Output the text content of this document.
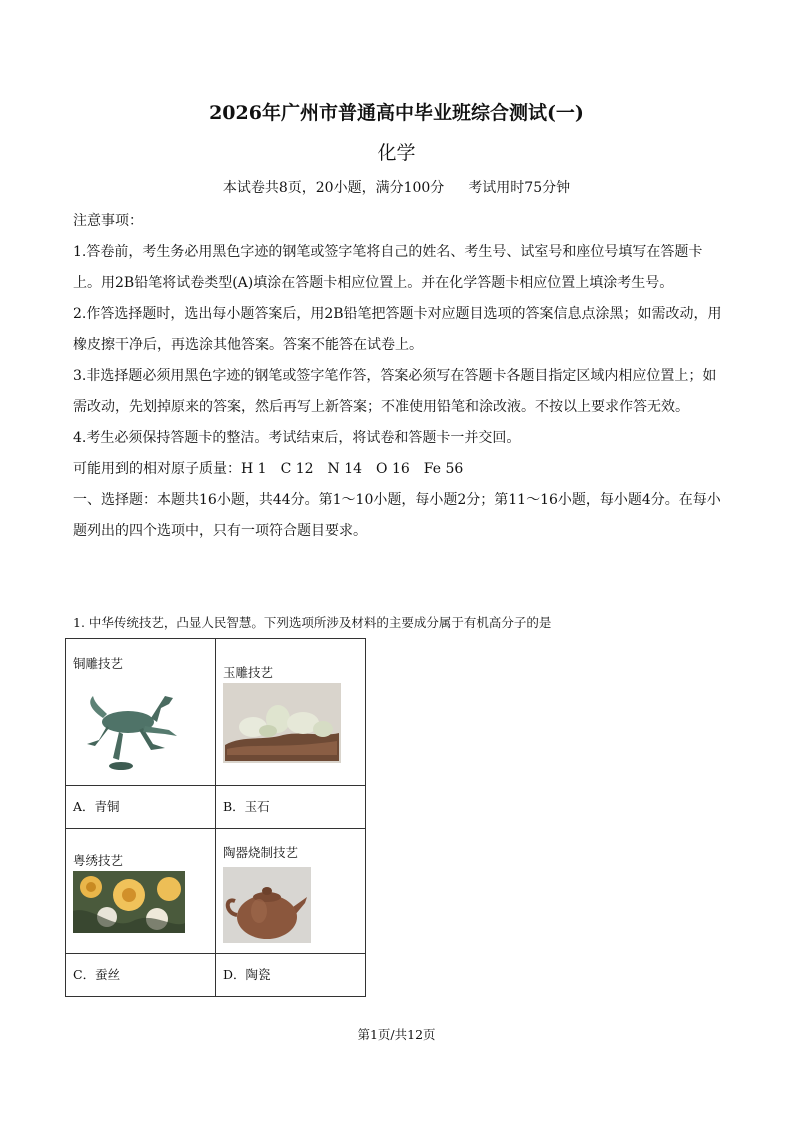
2026年广州市普通高中毕业班综合测试(一)
化学
本试卷共8页，20小题，满分100分 考试用时75分钟

注意事项：

1.答卷前，考生务必用黑色字迹的钢笔或签字笔将自己的姓名、考生号、试室号和座位号填写在答题卡上。用2B铅笔将试卷类型(A)填涂在答题卡相应位置上。并在化学答题卡相应位置上填涂考生号。

2.作答选择题时，选出每小题答案后，用2B铅笔把答题卡对应题目选项的答案信息点涂黑；如需改动，用橡皮擦干净后，再选涂其他答案。答案不能答在试卷上。

3.非选择题必须用黑色字迹的钢笔或签字笔作答，答案必须写在答题卡各题目指定区域内相应位置上；如需改动，先划掉原来的答案，然后再写上新答案；不准使用铅笔和涂改液。不按以上要求作答无效。

4.考生必须保持答题卡的整洁。考试结束后，将试卷和答题卡一并交回。

可能用到的相对原子质量：H 1　C 12　N 14　O 16　Fe 56

一、选择题：本题共16小题，共44分。第1～10小题，每小题2分；第11～16小题，每小题4分。在每小题列出的四个选项中，只有一项符合题目要求。

1. 中华传统技艺，凸显人民智慧。下列选项所涉及材料的主要成分属于有机高分子的是
铜雕技艺	玉雕技艺

A．青铜	B．玉石

粤绣技艺	陶器烧制技艺

C．蚕丝	D．陶瓷
第1页/共12页
